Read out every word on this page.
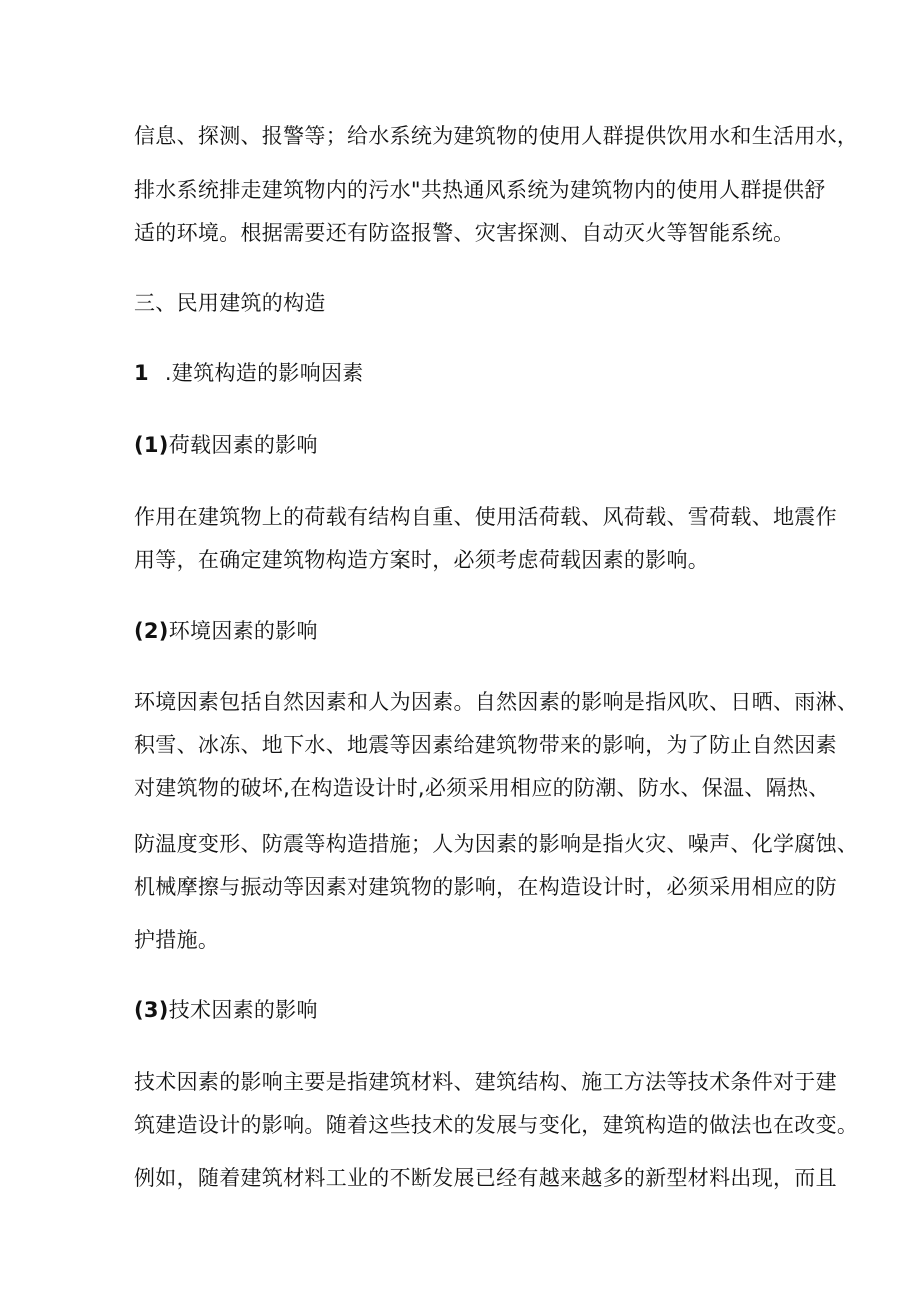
信息、探测、报警等；给水系统为建筑物的使用人群提供饮用水和生活用水，
排水系统排走建筑物内的污水"共热通风系统为建筑物内的使用人群提供舒
适的环境。根据需要还有防盗报警、灾害探测、自动灭火等智能系统。
三、民用建筑的构造
1 .建筑构造的影响因素
(1)荷载因素的影响
作用在建筑物上的荷载有结构自重、使用活荷载、风荷载、雪荷载、地震作
用等，在确定建筑物构造方案时，必须考虑荷载因素的影响。
(2)环境因素的影响
环境因素包括自然因素和人为因素。自然因素的影响是指风吹、日晒、雨淋、
积雪、冰冻、地下水、地震等因素给建筑物带来的影响，为了防止自然因素
对建筑物的破坏,在构造设计时,必须采用相应的防潮、防水、保温、隔热、
防温度变形、防震等构造措施；人为因素的影响是指火灾、噪声、化学腐蚀、
机械摩擦与振动等因素对建筑物的影响，在构造设计时，必须采用相应的防
护措施。
(3)技术因素的影响
技术因素的影响主要是指建筑材料、建筑结构、施工方法等技术条件对于建
筑建造设计的影响。随着这些技术的发展与变化，建筑构造的做法也在改变。
例如，随着建筑材料工业的不断发展已经有越来越多的新型材料出现，而且
